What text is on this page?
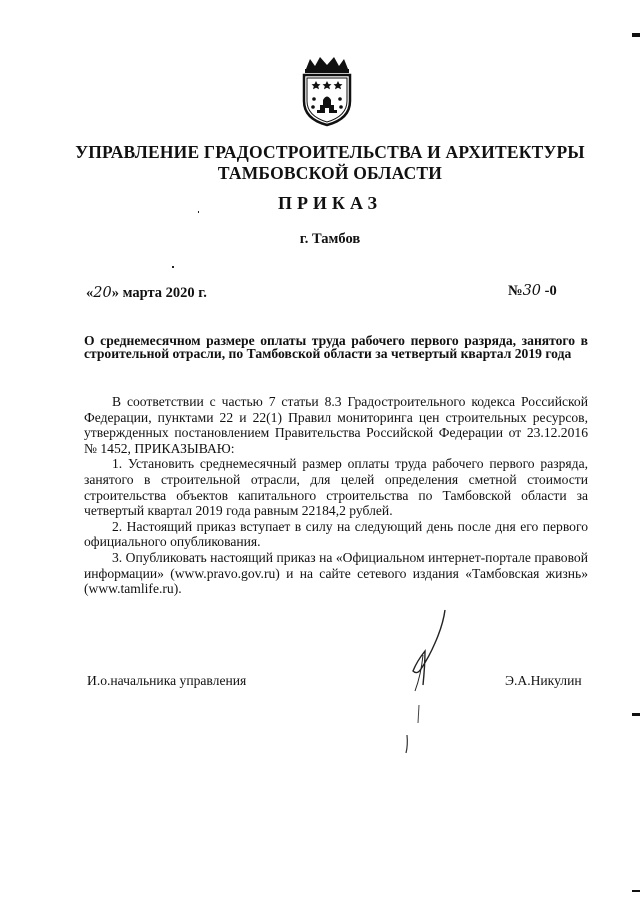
УПРАВЛЕНИЕ ГРАДОСТРОИТЕЛЬСТВА И АРХИТЕКТУРЫ
ТАМБОВСКОЙ ОБЛАСТИ
ПРИКАЗ
г. Тамбов
«20» марта 2020 г.	№30 -0
О среднемесячном размере оплаты труда рабочего первого разряда, занятого в строительной отрасли, по Тамбовской области за четвертый квартал 2019 года

В соответствии с частью 7 статьи 8.3 Градостроительного кодекса Российской Федерации, пунктами 22 и 22(1) Правил мониторинга цен строительных ресурсов, утвержденных постановлением Правительства Российской Федерации от 23.12.2016 № 1452, ПРИКАЗЫВАЮ:

1. Установить среднемесячный размер оплаты труда рабочего первого разряда, занятого в строительной отрасли, для целей определения сметной стоимости строительства объектов капитального строительства по Тамбовской области за четвертый квартал 2019 года равным 22184,2 рублей.

2. Настоящий приказ вступает в силу на следующий день после дня его первого официального опубликования.

3. Опубликовать настоящий приказ на «Официальном интернет-портале правовой информации» (www.pravo.gov.ru) и на сайте сетевого издания «Тамбовская жизнь» (www.tamlife.ru).

И.о.начальника управления	Э.А.Никулин
